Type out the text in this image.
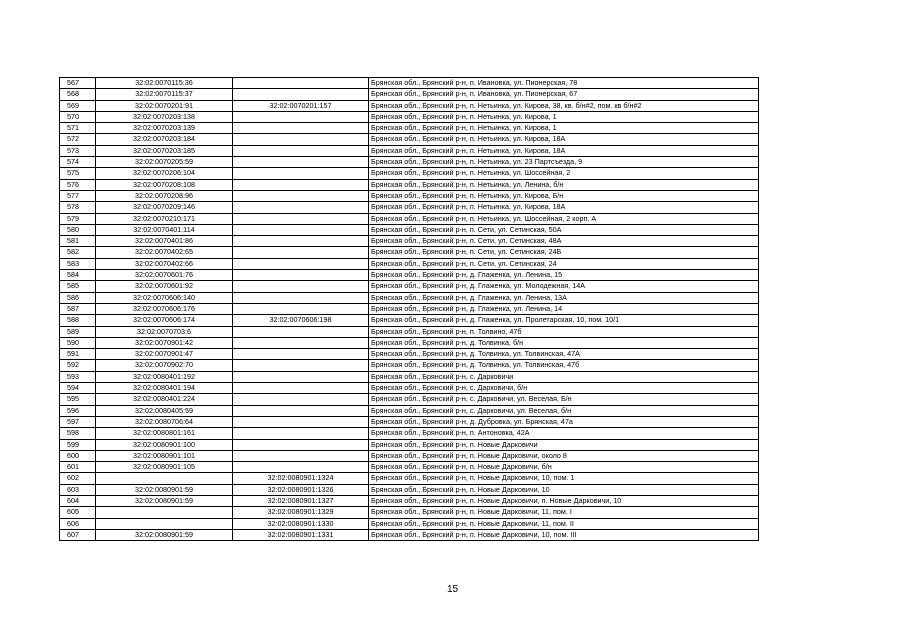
567	32:02:0070115:36		Брянская обл., Брянский р-н, п. Ивановка, ул. Пионерская, 78
568	32:02:0070115:37		Брянская обл., Брянский р-н, п. Ивановка, ул. Пионерская, 67
569	32:02:0070201:91	32:02:0070201:157	Брянская обл., Брянский р-н, п. Нетьинка, ул. Кирова, 38, кв. б/н#2, пом. кв б/н#2
570	32:02:0070203:138		Брянская обл., Брянский р-н, п. Нетьинка, ул. Кирова, 1
571	32:02:0070203:139		Брянская обл., Брянский р-н, п. Нетьинка, ул. Кирова, 1
572	32:02:0070203:184		Брянская обл., Брянский р-н, п. Нетьинка, ул. Кирова, 18А
573	32:02:0070203:185		Брянская обл., Брянский р-н, п. Нетьинка, ул. Кирова, 18А
574	32:02:0070205:59		Брянская обл., Брянский р-н, п. Нетьинка, ул. 23 Партсъезда, 9
575	32:02:0070206:104		Брянская обл., Брянский р-н, п. Нетьинка, ул. Шоссейная, 2
576	32:02:0070208:108		Брянская обл., Брянский р-н, п. Нетьинка, ул. Ленина, б/н
577	32:02:0070208:96		Брянская обл., Брянский р-н, п. Нетьинка, ул. Кирова, Б/н
578	32:02:0070209:146		Брянская обл., Брянский р-н, п. Нетьинка, ул. Кирова, 18А
579	32:02:0070210:171		Брянская обл., Брянский р-н, п. Нетьинка, ул. Шоссейная, 2 корп. А
580	32:02:0070401:114		Брянская обл., Брянский р-н, п. Сети, ул. Сетинская, 50А
581	32:02:0070401:86		Брянская обл., Брянский р-н, п. Сети, ул. Сетинская, 48А
582	32:02:0070402:65		Брянская обл., Брянский р-н, п. Сети, ул. Сетинская, 24Б
583	32:02:0070402:66		Брянская обл., Брянский р-н, п. Сети, ул. Сетинская, 24
584	32:02:0070601:76		Брянская обл., Брянский р-н, д. Глаженка, ул. Ленина, 15
585	32:02:0070601:92		Брянская обл., Брянский р-н, д. Глаженка, ул. Молодежная, 14А
586	32:02:0070606:140		Брянская обл., Брянский р-н, д. Глаженка, ул. Ленина, 13А
587	32:02:0070606:176		Брянская обл., Брянский р-н, д. Глаженка, ул. Ленина, 14
588	32:02:0070606:174	32:02:0070606:198	Брянская обл., Брянский р-н, д. Глаженка, ул. Пролетарская, 10, пом. 10/1
589	32:02:0070703:6		Брянская обл., Брянский р-н, п. Толвино, 47б
590	32:02:0070901:42		Брянская обл., Брянский р-н, д. Толвинка, б/н
591	32:02:0070901:47		Брянская обл., Брянский р-н, д. Толвинка, ул. Толвинская, 47А
592	32:02:0070902:70		Брянская обл., Брянский р-н, д. Толвинка, ул. Толвинская, 47б
593	32:02:0080401:192		Брянская обл., Брянский р-н, с. Дарковичи
594	32:02:0080401:194		Брянская обл., Брянский р-н, с. Дарковичи, б/н
595	32:02:0080401:224		Брянская обл., Брянский р-н, с. Дарковичи, ул. Веселая, Б/н
596	32:02:0080405:59		Брянская обл., Брянский р-н, с. Дарковичи, ул. Веселая, б/н
597	32:02:0080706:64		Брянская обл., Брянский р-н, д. Дубровка, ул. Брянская, 47а
598	32:02:0080801:161		Брянская обл., Брянский р-н, п. Антоновка, 42А
599	32:02:0080901:100		Брянская обл., Брянский р-н, п. Новые Дарковичи
600	32:02:0080901:101		Брянская обл., Брянский р-н, п. Новые Дарковичи, около 8
601	32:02:0080901:105		Брянская обл., Брянский р-н, п. Новые Дарковичи, б/н
602		32:02:0080901:1324	Брянская обл., Брянский р-н, п. Новые Дарковичи, 10, пом. 1
603	32:02:0080901:59	32:02:0080901:1326	Брянская обл., Брянский р-н, п. Новые Дарковичи, 10
604	32:02:0080901:59	32:02:0080901:1327	Брянская обл., Брянский р-н, п. Новые Дарковичи, п. Новые Дарковичи, 10
605		32:02:0080901:1329	Брянская обл., Брянский р-н, п. Новые Дарковичи, 11, пом. I
606		32:02:0080901:1330	Брянская обл., Брянский р-н, п. Новые Дарковичи, 11, пом. II
607	32:02:0080901:59	32:02:0080901:1331	Брянская обл., Брянский р-н, п. Новые Дарковичи, 10, пом. III
15
